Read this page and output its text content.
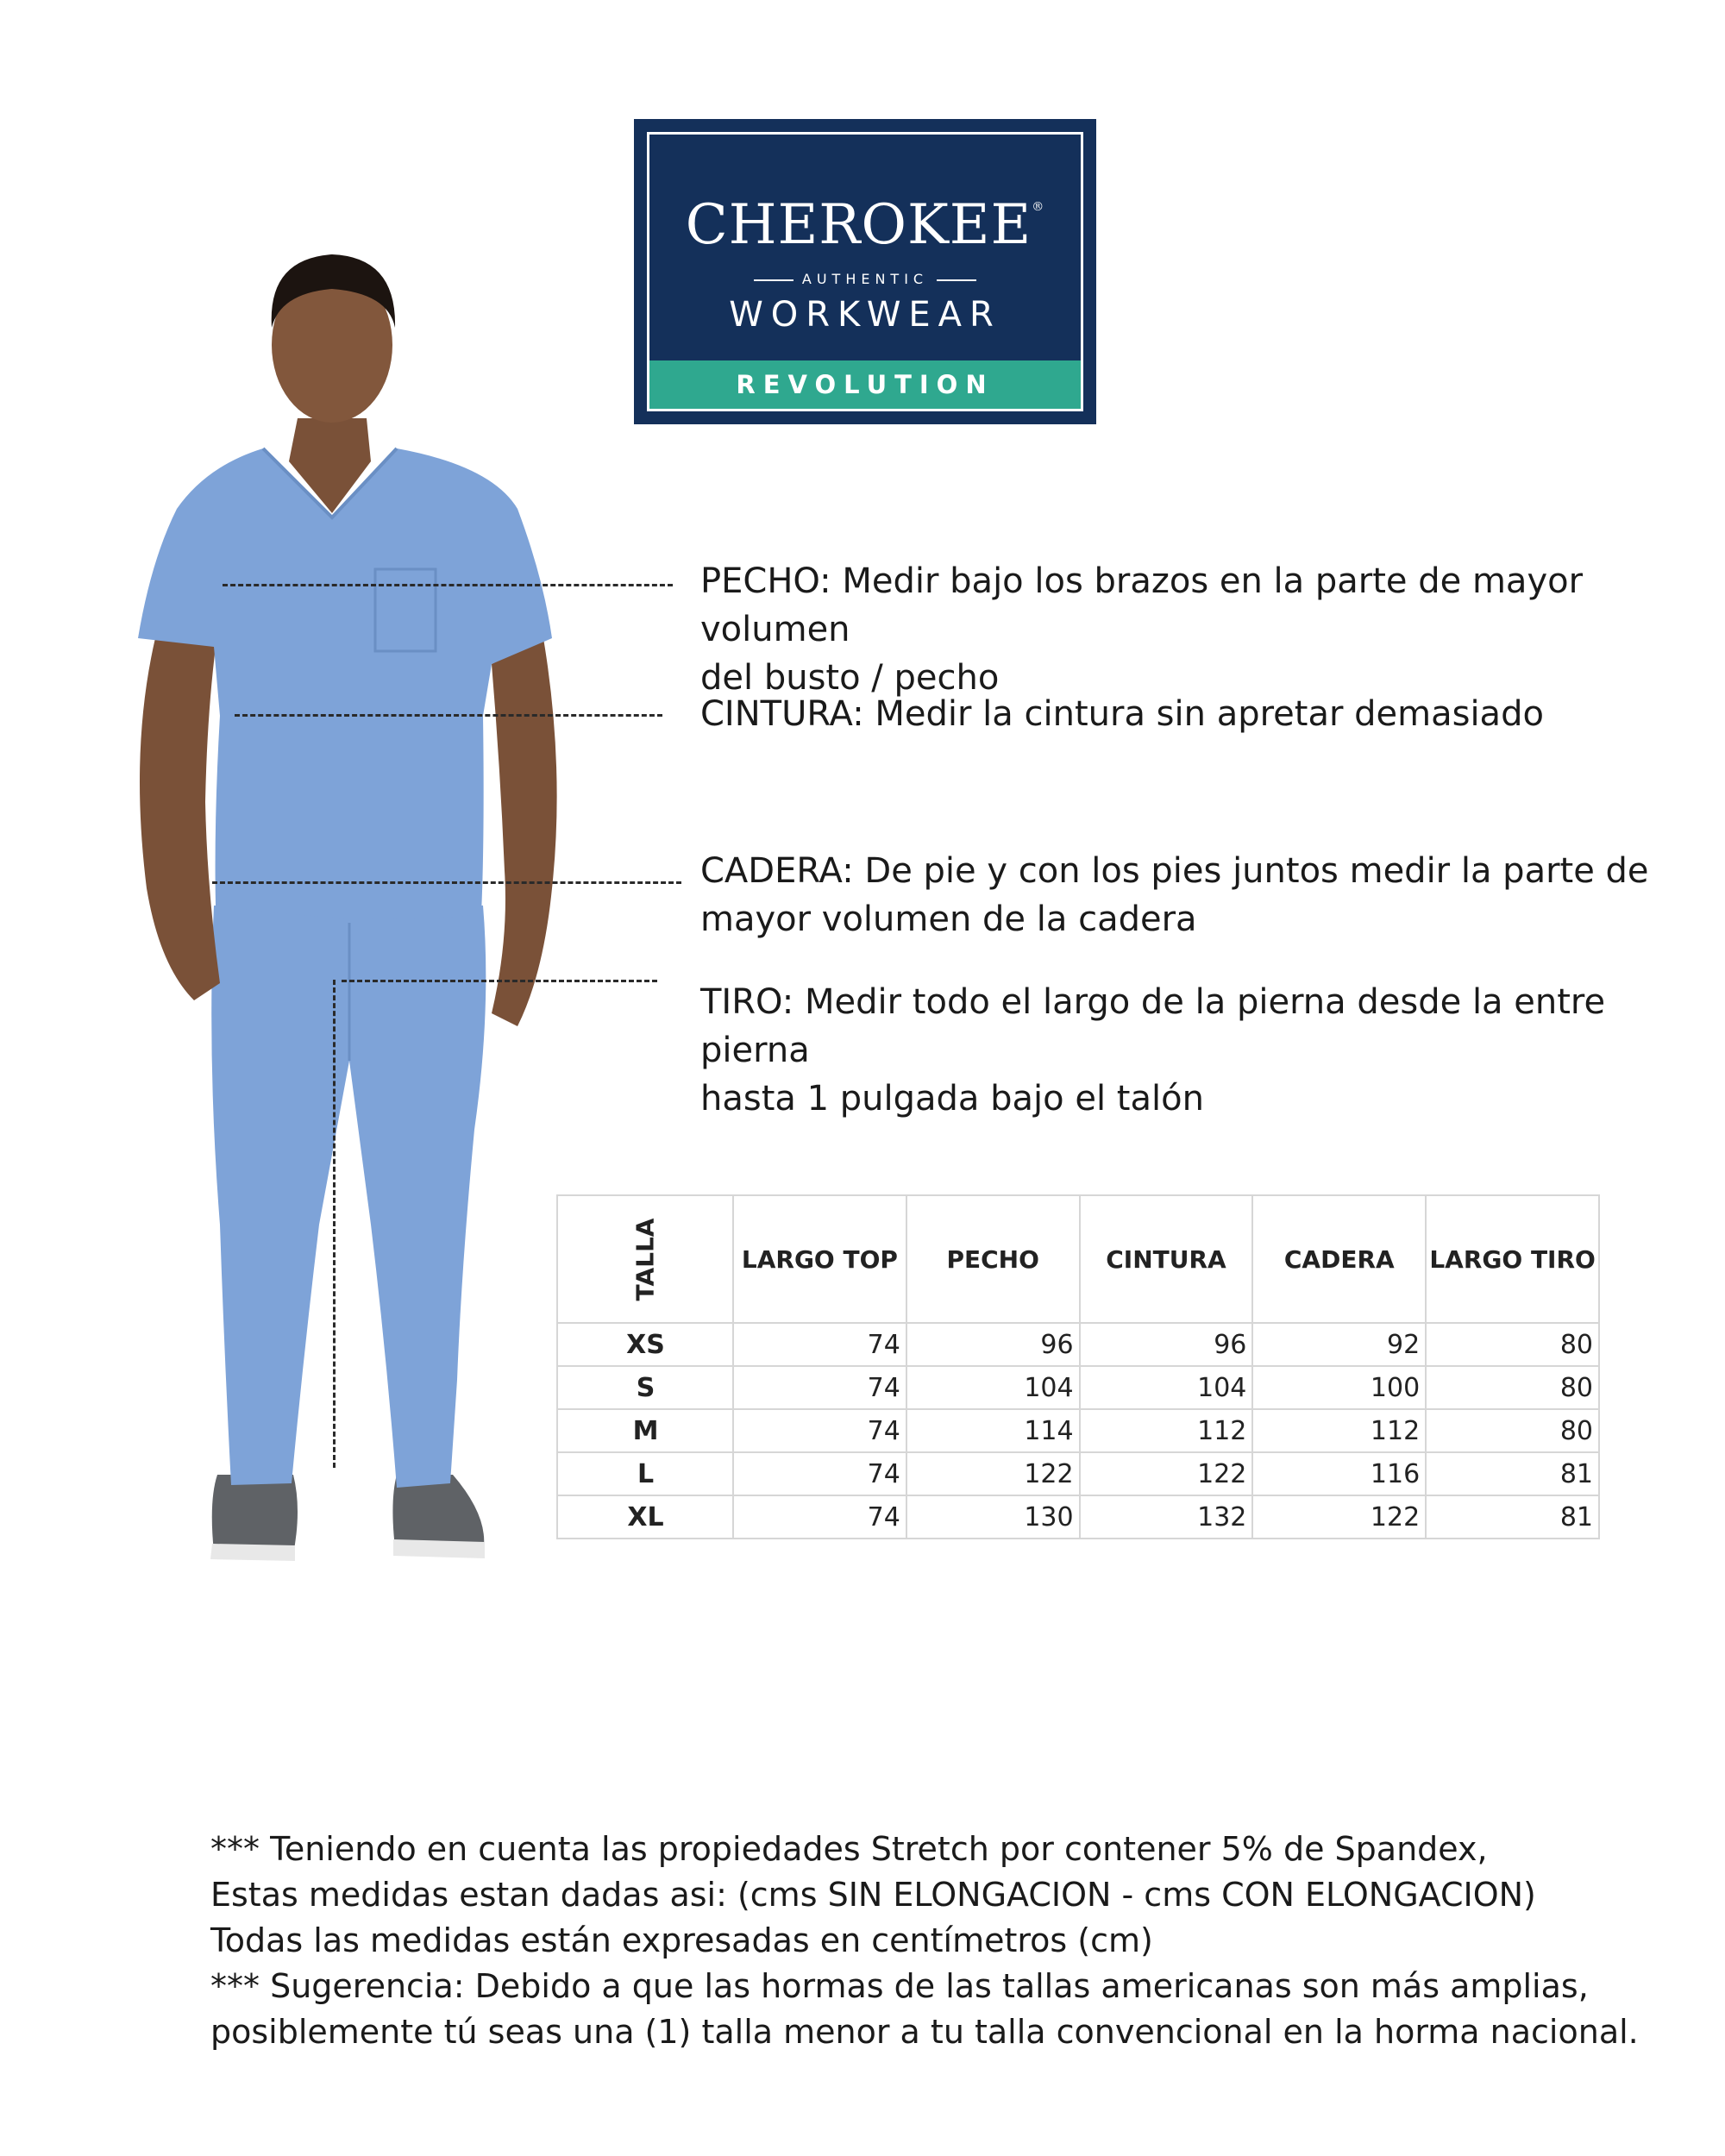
CHEROKEE®
AUTHENTIC
WORKWEAR
REVOLUTION
PECHO: Medir bajo los brazos en la parte de mayor volumen
del busto / pecho
CINTURA: Medir la cintura sin apretar demasiado
CADERA: De pie y con los pies juntos medir la parte de
mayor volumen de la cadera
TIRO: Medir todo el largo de la pierna desde la entre pierna
hasta 1 pulgada bajo el talón
TALLA	LARGO TOP	PECHO	CINTURA	CADERA	LARGO TIRO
XS	74	96	96	92	80
S	74	104	104	100	80
M	74	114	112	112	80
L	74	122	122	116	81
XL	74	130	132	122	81
*** Teniendo en cuenta las propiedades Stretch por contener 5% de Spandex,
Estas medidas estan dadas asi: (cms SIN ELONGACION - cms CON ELONGACION)
Todas las medidas están expresadas en centímetros (cm)
*** Sugerencia: Debido a que las hormas de las tallas americanas son más amplias,
posiblemente tú seas una (1) talla menor a tu talla convencional en la horma nacional.
